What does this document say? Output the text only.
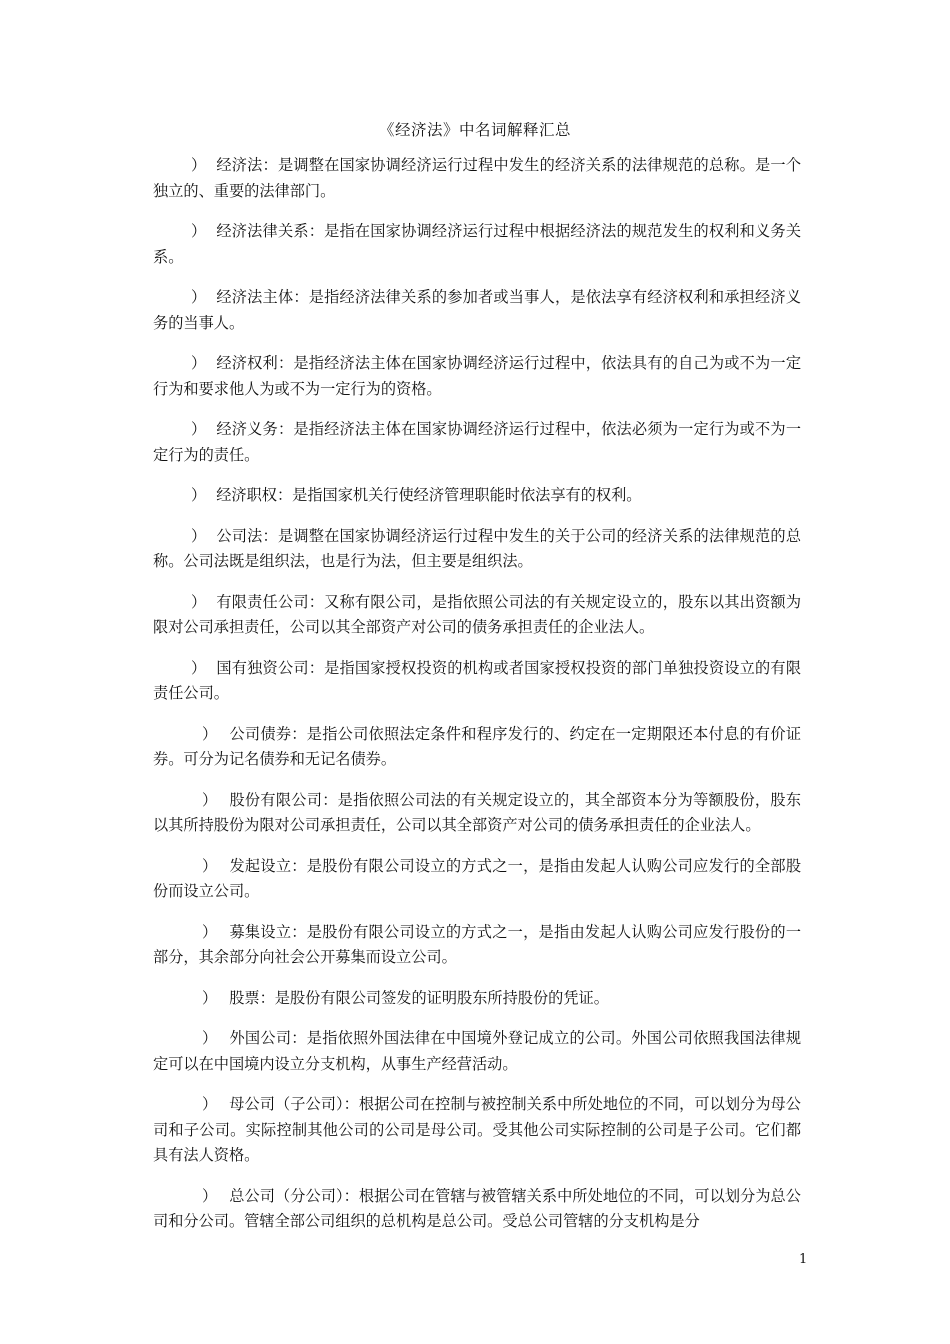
《经济法》中名词解释汇总

） 经济法：是调整在国家协调经济运行过程中发生的经济关系的法律规范的总称。是一个独立的、重要的法律部门。

） 经济法律关系：是指在国家协调经济运行过程中根据经济法的规范发生的权利和义务关系。

） 经济法主体：是指经济法律关系的参加者或当事人，是依法享有经济权利和承担经济义务的当事人。

） 经济权利：是指经济法主体在国家协调经济运行过程中，依法具有的自己为或不为一定行为和要求他人为或不为一定行为的资格。

） 经济义务：是指经济法主体在国家协调经济运行过程中，依法必须为一定行为或不为一定行为的责任。

） 经济职权：是指国家机关行使经济管理职能时依法享有的权利。

） 公司法：是调整在国家协调经济运行过程中发生的关于公司的经济关系的法律规范的总称。公司法既是组织法，也是行为法，但主要是组织法。

） 有限责任公司：又称有限公司，是指依照公司法的有关规定设立的，股东以其出资额为限对公司承担责任，公司以其全部资产对公司的债务承担责任的企业法人。

） 国有独资公司：是指国家授权投资的机构或者国家授权投资的部门单独投资设立的有限责任公司。

） 公司债券：是指公司依照法定条件和程序发行的、约定在一定期限还本付息的有价证券。可分为记名债券和无记名债券。

） 股份有限公司：是指依照公司法的有关规定设立的，其全部资本分为等额股份，股东以其所持股份为限对公司承担责任，公司以其全部资产对公司的债务承担责任的企业法人。

） 发起设立：是股份有限公司设立的方式之一，是指由发起人认购公司应发行的全部股份而设立公司。

） 募集设立：是股份有限公司设立的方式之一，是指由发起人认购公司应发行股份的一部分，其余部分向社会公开募集而设立公司。

） 股票：是股份有限公司签发的证明股东所持股份的凭证。

） 外国公司：是指依照外国法律在中国境外登记成立的公司。外国公司依照我国法律规定可以在中国境内设立分支机构，从事生产经营活动。

） 母公司（子公司）：根据公司在控制与被控制关系中所处地位的不同，可以划分为母公司和子公司。实际控制其他公司的公司是母公司。受其他公司实际控制的公司是子公司。它们都具有法人资格。

） 总公司（分公司）：根据公司在管辖与被管辖关系中所处地位的不同，可以划分为总公司和分公司。管辖全部公司组织的总机构是总公司。受总公司管辖的分支机构是分

1
